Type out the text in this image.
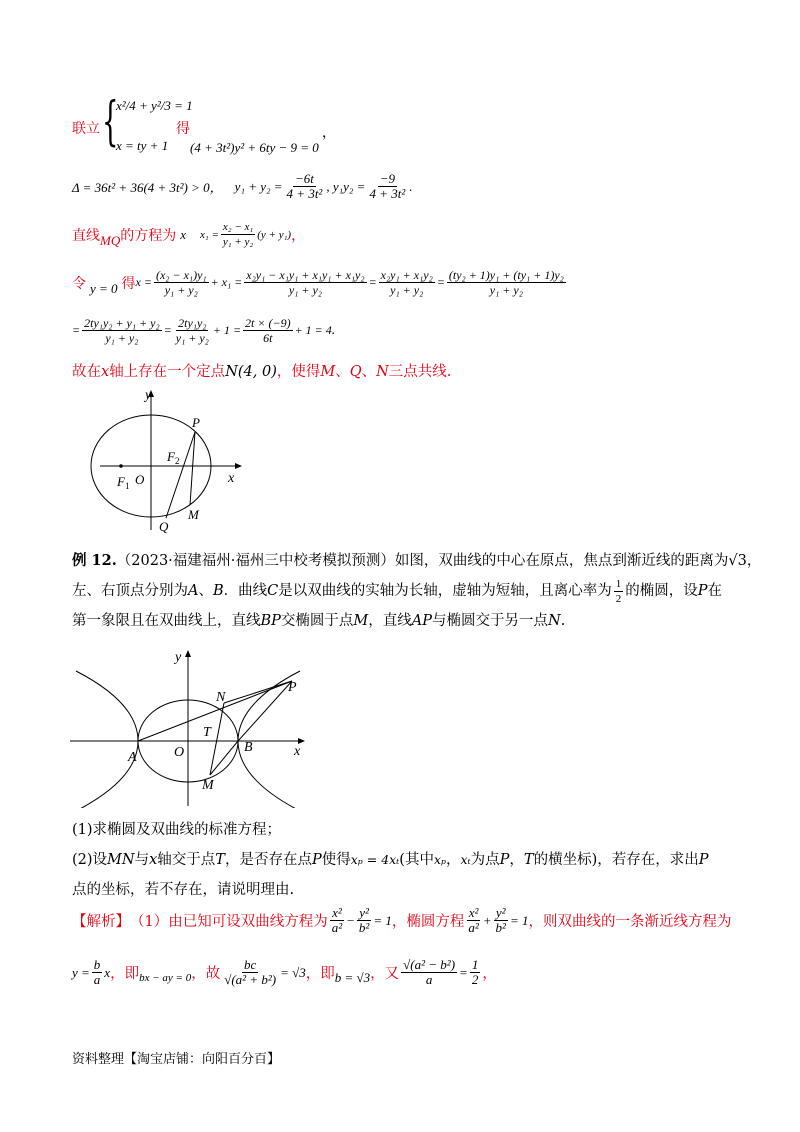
联立 {
x²/4 + y²/3 = 1
x = ty + 1
得
(4 + 3t²)y² + 6ty − 9 = 0
，
Δ = 36t² + 36(4 + 3t²) > 0， $y_1 + y_2 = \frac{-6t}{\text{4 + 3t²}}$ , $y_1y_2 = \frac{-9}{\text{4 + 3t²}}$ .
直线 MQ 的方程为 x $x_1 = \frac{\text{x₂ − x₁}}{\text{y₁ + y₂}} (y + y_1)$ ，
令 y = 0 得 $x = \frac{\text{(x₂ − x₁)y₁}}{\text{y₁ + y₂}} + x_1 = \frac{\text{x₂y₁ − x₁y₁ + x₁y₁ + x₁y₂}}{\text{y₁ + y₂}} = \frac{\text{x₂y₁ + x₁y₂}}{\text{y₁ + y₂}} = \frac{\text{(ty₂ + 1)y₁ + (ty₁ + 1)y₂}}{\text{y₁ + y₂}}$
= $\frac{\text{2ty₁y₂ + y₁ + y₂}}{\text{y₁ + y₂}} = \frac{\text{2ty₁y₂}}{\text{y₁ + y₂}} + 1 = \frac{2t \times (-9)}{6t} + 1 = 4$ .
故在x轴上存在一个定点N(4, 0)，使得M、Q、N三点共线.
y
x
P
$F_2$
$F_1$ O
Q
M
例 12.（2023·福建福州·福州三中校考模拟预测）如图，双曲线的中心在原点，焦点到渐近线的距离为√3，
左、右顶点分别为A、B．曲线C是以双曲线的实轴为长轴，虚轴为短轴，且离心率为 $\frac{1}{2}$ 的椭圆，设P在
第一象限且在双曲线上，直线BP交椭圆于点M，直线AP与椭圆交于另一点N.
y
x
P
N
T
O
A
B
M
(1)求椭圆及双曲线的标准方程；
(2)设MN与x轴交于点T，是否存在点P使得xₚ = 4xₜ(其中xₚ，xₜ为点P，T的横坐标)，若存在，求出P
点的坐标，若不存在，请说明理由.
【解析】 （1）由已知可设双曲线方程为 $\frac{\text{x²}}{\text{a²}} - \frac{\text{y²}}{\text{b²}} = 1$ ，椭圆方程 $\frac{\text{x²}}{\text{a²}} + \frac{\text{y²}}{\text{b²}} = 1$ ，则双曲线的一条渐近线方程为
$y = \frac{b}{a}$ x ，即 bx − ay = 0 ，故 $\frac{bc}{\text{√(a² + b²)}} = √3$ ，即 b = √3 ，又 $\frac{\text{√(a² − b²)}}{a} = \frac{1}{2}$ ，
资料整理【淘宝店铺：向阳百分百】
